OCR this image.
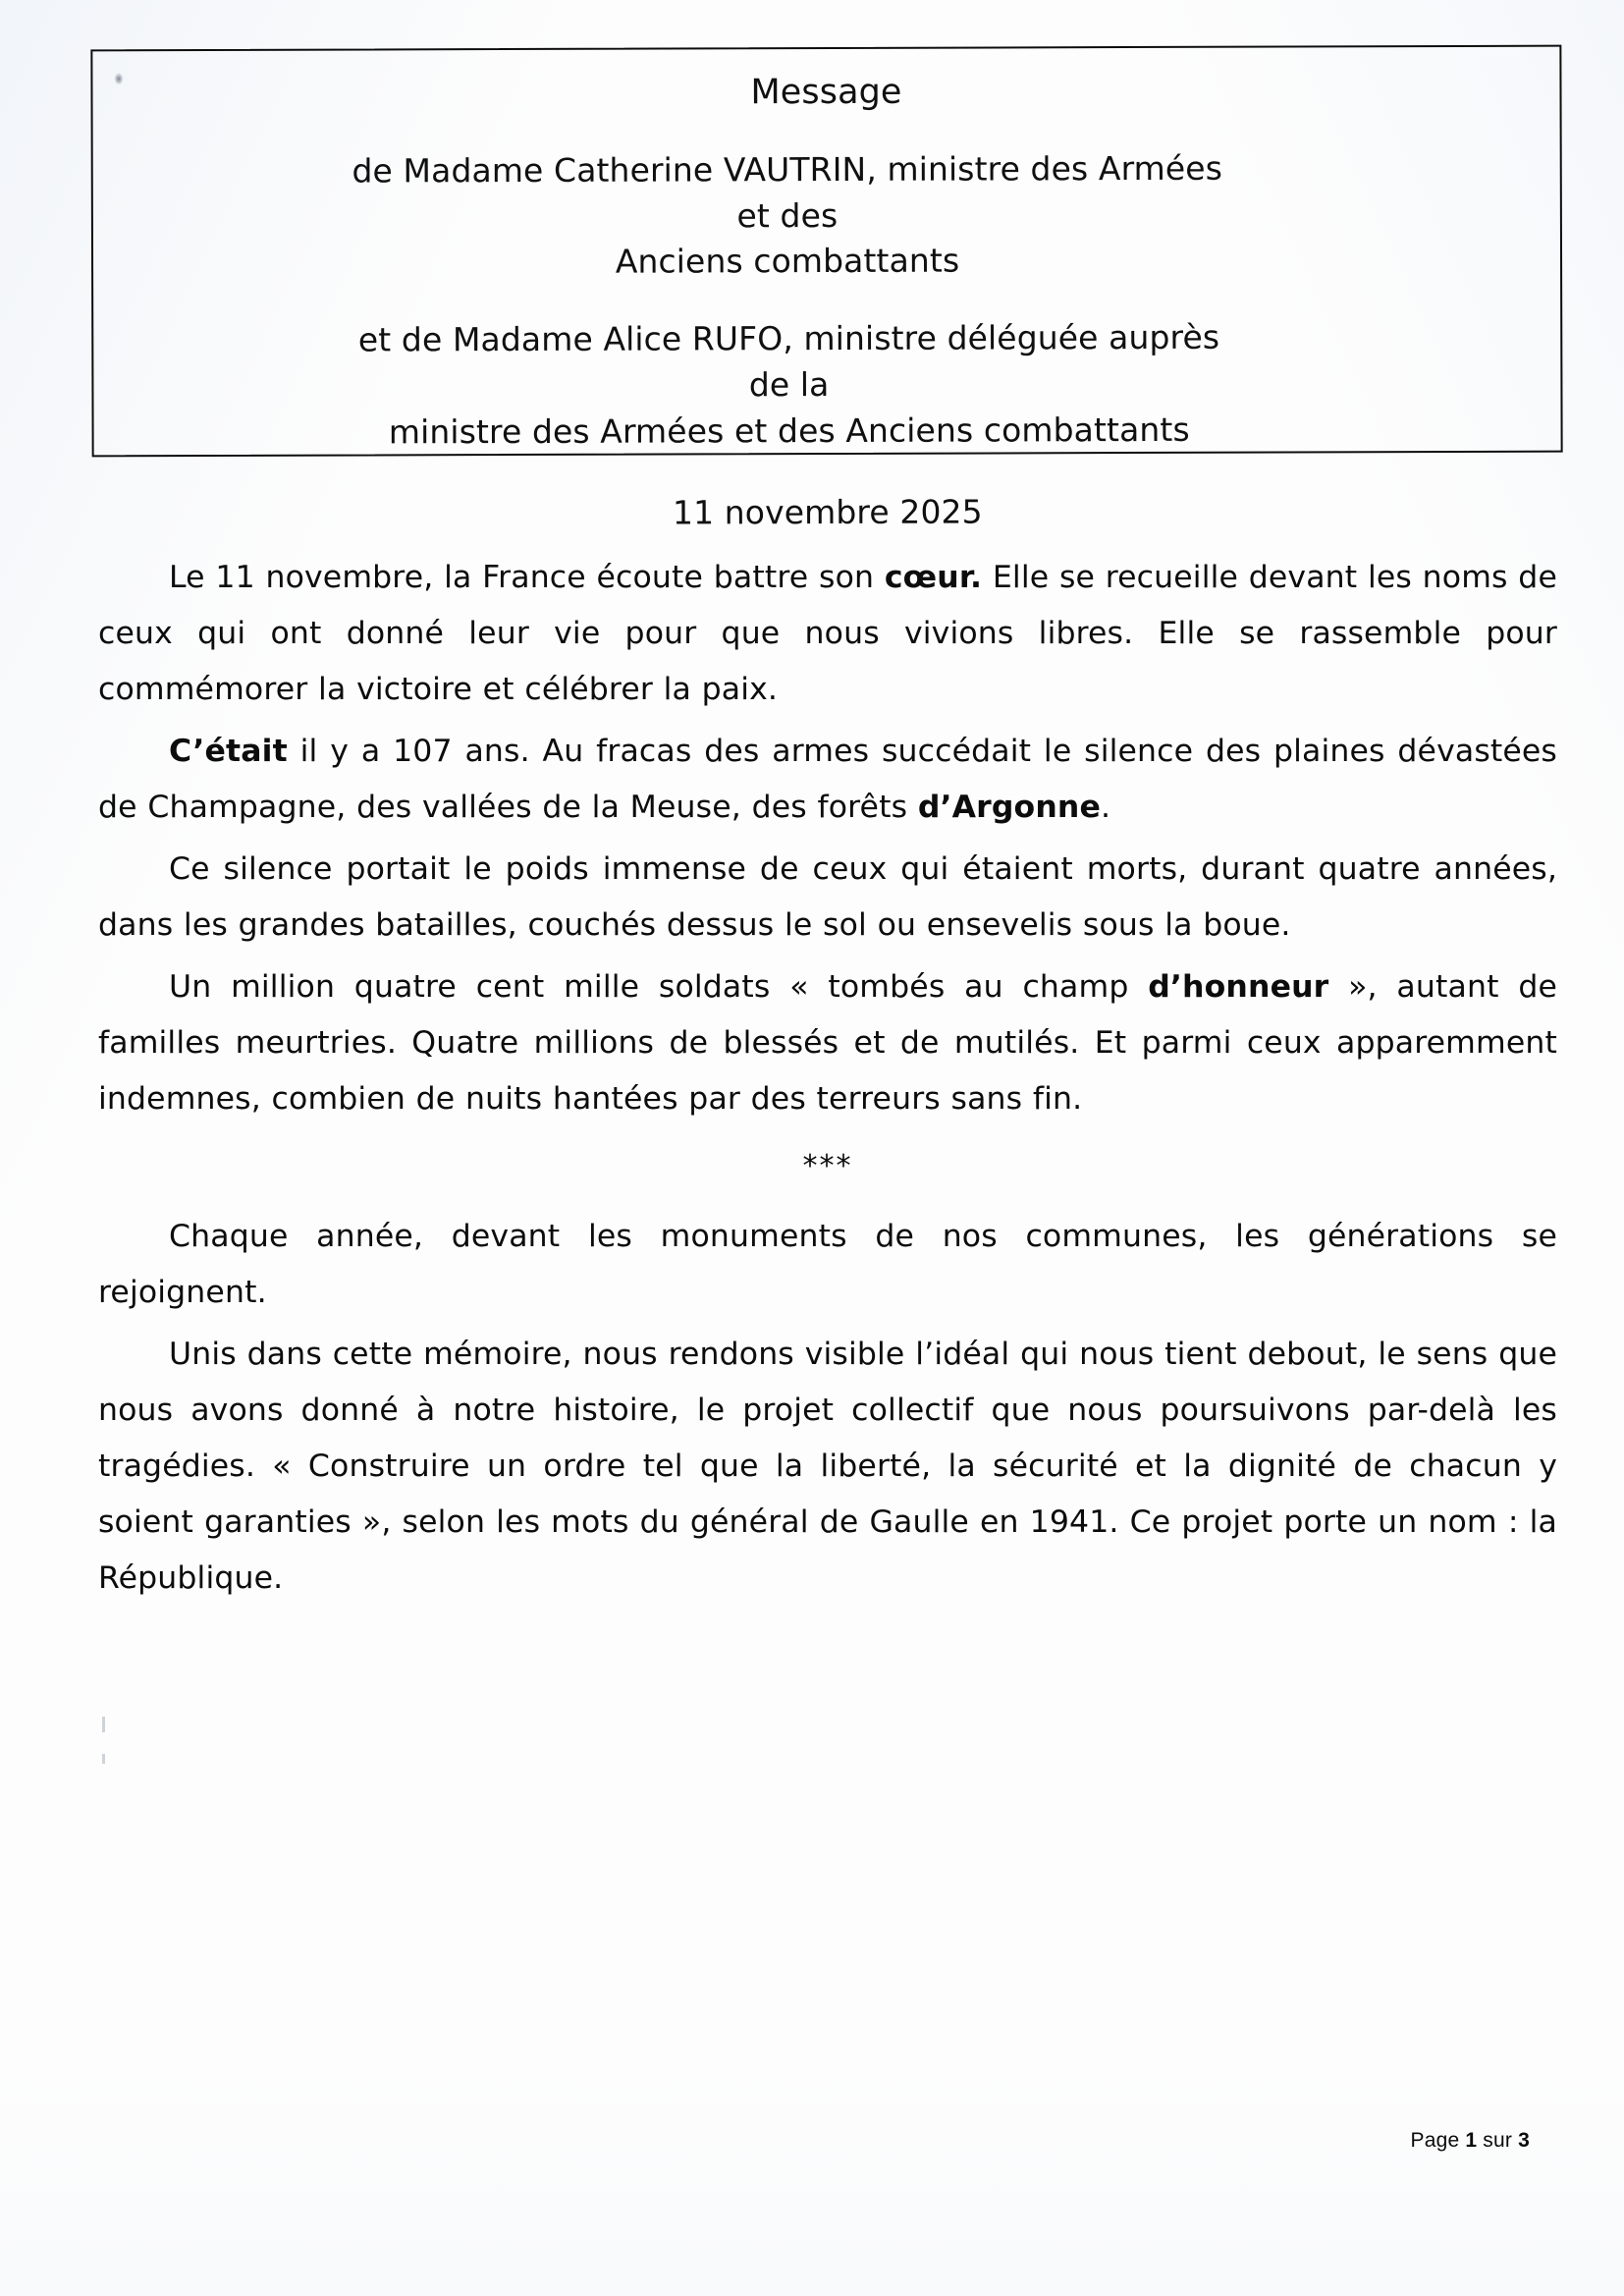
Message
de Madame Catherine VAUTRIN, ministre des Armées et des
Anciens combattants
et de Madame Alice RUFO, ministre déléguée auprès de la
ministre des Armées et des Anciens combattants
11 novembre 2025

Le 11 novembre, la France écoute battre son cœur. Elle se recueille devant les noms de ceux qui ont donné leur vie pour que nous vivions libres. Elle se rassemble pour commémorer la victoire et célébrer la paix.

C’était il y a 107 ans. Au fracas des armes succédait le silence des plaines dévastées de Champagne, des vallées de la Meuse, des forêts d’Argonne.

Ce silence portait le poids immense de ceux qui étaient morts, durant quatre années, dans les grandes batailles, couchés dessus le sol ou ensevelis sous la boue.

Un million quatre cent mille soldats « tombés au champ d’honneur », autant de familles meurtries. Quatre millions de blessés et de mutilés. Et parmi ceux apparemment indemnes, combien de nuits hantées par des terreurs sans fin.

***

Chaque année, devant les monuments de nos communes, les générations se rejoignent.

Unis dans cette mémoire, nous rendons visible l’idéal qui nous tient debout, le sens que nous avons donné à notre histoire, le projet collectif que nous poursuivons par-delà les tragédies. « Construire un ordre tel que la liberté, la sécurité et la dignité de chacun y soient garanties », selon les mots du général de Gaulle en 1941. Ce projet porte un nom : la République.

Page 1 sur 3
